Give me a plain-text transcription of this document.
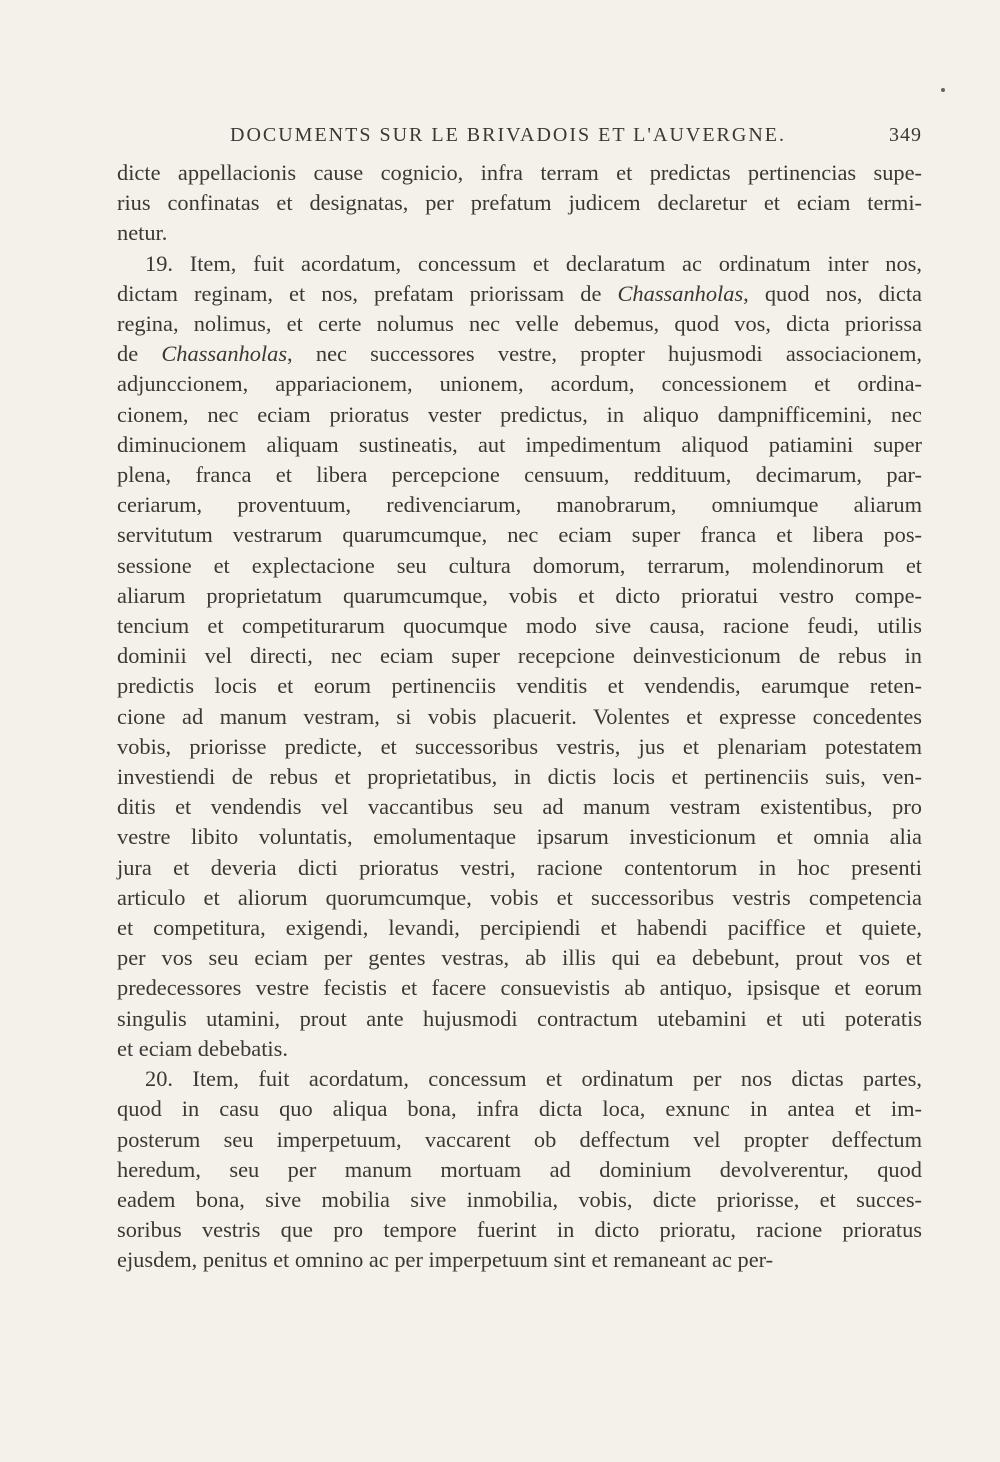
DOCUMENTS SUR LE BRIVADOIS ET L'AUVERGNE.	349
dicte appellacionis cause cognicio, infra terram et predictas pertinencias supe-
rius confinatas et designatas, per prefatum judicem declaretur et eciam termi-
netur.
19. Item, fuit acordatum, concessum et declaratum ac ordinatum inter nos,
dictam reginam, et nos, prefatam priorissam de Chassanholas, quod nos, dicta
regina, nolimus, et certe nolumus nec velle debemus, quod vos, dicta priorissa
de Chassanholas, nec successores vestre, propter hujusmodi associacionem,
adjunccionem, appariacionem, unionem, acordum, concessionem et ordina-
cionem, nec eciam prioratus vester predictus, in aliquo dampnifficemini, nec
diminucionem aliquam sustineatis, aut impedimentum aliquod patiamini super
plena, franca et libera percepcione censuum, reddituum, decimarum, par-
ceriarum, proventuum, redivenciarum, manobrarum, omniumque aliarum
servitutum vestrarum quarumcumque, nec eciam super franca et libera pos-
sessione et explectacione seu cultura domorum, terrarum, molendinorum et
aliarum proprietatum quarumcumque, vobis et dicto prioratui vestro compe-
tencium et competiturarum quocumque modo sive causa, racione feudi, utilis
dominii vel directi, nec eciam super recepcione deinvesticionum de rebus in
predictis locis et eorum pertinenciis venditis et vendendis, earumque reten-
cione ad manum vestram, si vobis placuerit. Volentes et expresse concedentes
vobis, priorisse predicte, et successoribus vestris, jus et plenariam potestatem
investiendi de rebus et proprietatibus, in dictis locis et pertinenciis suis, ven-
ditis et vendendis vel vaccantibus seu ad manum vestram existentibus, pro
vestre libito voluntatis, emolumentaque ipsarum investicionum et omnia alia
jura et deveria dicti prioratus vestri, racione contentorum in hoc presenti
articulo et aliorum quorumcumque, vobis et successoribus vestris competencia
et competitura, exigendi, levandi, percipiendi et habendi paciffice et quiete,
per vos seu eciam per gentes vestras, ab illis qui ea debebunt, prout vos et
predecessores vestre fecistis et facere consuevistis ab antiquo, ipsisque et eorum
singulis utamini, prout ante hujusmodi contractum utebamini et uti poteratis
et eciam debebatis.
20. Item, fuit acordatum, concessum et ordinatum per nos dictas partes,
quod in casu quo aliqua bona, infra dicta loca, exnunc in antea et im-
posterum seu imperpetuum, vaccarent ob deffectum vel propter deffectum
heredum, seu per manum mortuam ad dominium devolverentur, quod
eadem bona, sive mobilia sive inmobilia, vobis, dicte priorisse, et succes-
soribus vestris que pro tempore fuerint in dicto prioratu, racione prioratus
ejusdem, penitus et omnino ac per imperpetuum sint et remaneant ac per-
